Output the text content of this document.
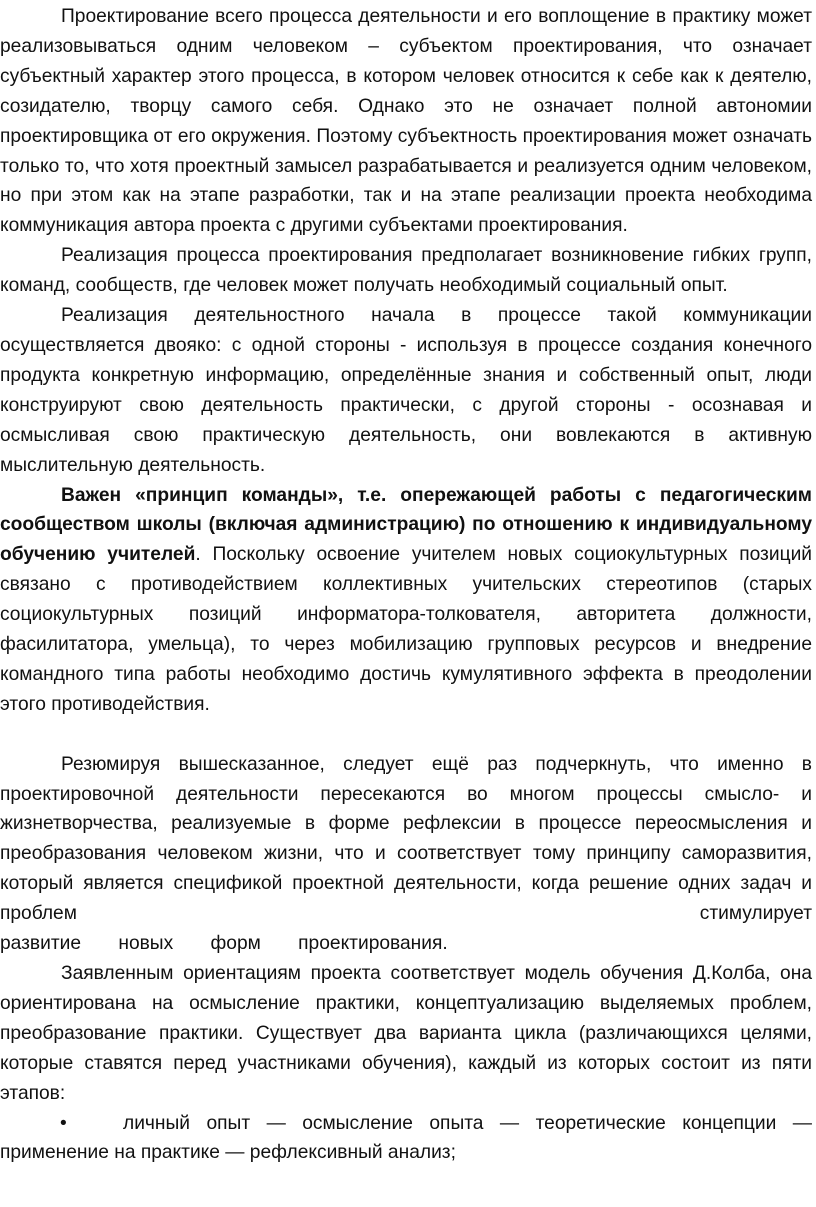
Проектирование всего процесса деятельности и его воплощение в практику может реализовываться одним человеком – субъектом проектирования, что означает субъектный характер этого процесса, в котором человек относится к себе как к деятелю, созидателю, творцу самого себя. Однако это не означает полной автономии проектировщика от его окружения. Поэтому субъектность проектирования может означать только то, что хотя проектный замысел разрабатывается и реализуется одним человеком, но при этом как на этапе разработки, так и на этапе реализации проекта необходима коммуникация автора проекта с другими субъектами проектирования.

Реализация процесса проектирования предполагает возникновение гибких групп, команд, сообществ, где человек может получать необходимый социальный опыт.

Реализация деятельностного начала в процессе такой коммуникации осуществляется двояко: с одной стороны - используя в процессе создания конечного продукта конкретную информацию, определённые знания и собственный опыт, люди конструируют свою деятельность практически, с другой стороны - осознавая и осмысливая свою практическую деятельность, они вовлекаются в активную мыслительную деятельность.

Важен «принцип команды», т.е. опережающей работы с педагогическим сообществом школы (включая администрацию) по отношению к индивидуальному обучению учителей. Поскольку освоение учителем новых социокультурных позиций связано с противодействием коллективных учительских стереотипов (старых социокультурных позиций информатора-толкователя, авторитета должности, фасилитатора, умельца), то через мобилизацию групповых ресурсов и внедрение командного типа работы необходимо достичь кумулятивного эффекта в преодолении этого противодействия.

Резюмируя вышесказанное, следует ещё раз подчеркнуть, что именно в проектировочной деятельности пересекаются во многом процессы смысло- и жизнетворчества, реализуемые в форме рефлексии в процессе переосмысления и преобразования человеком жизни, что и соответствует тому принципу саморазвития, который является спецификой проектной деятельности, когда решение одних задач и проблем стимулирует

развитие новых форм проектирования.

Заявленным ориентациям проекта соответствует модель обучения Д.Колба, она ориентирована на осмысление практики, концептуализацию выделяемых проблем, преобразование практики. Существует два варианта цикла (различающихся целями, которые ставятся перед участниками обучения), каждый из которых состоит из пяти этапов:

•	личный опыт — осмысление опыта — теоретические концепции — применение на практике — рефлексивный анализ;
